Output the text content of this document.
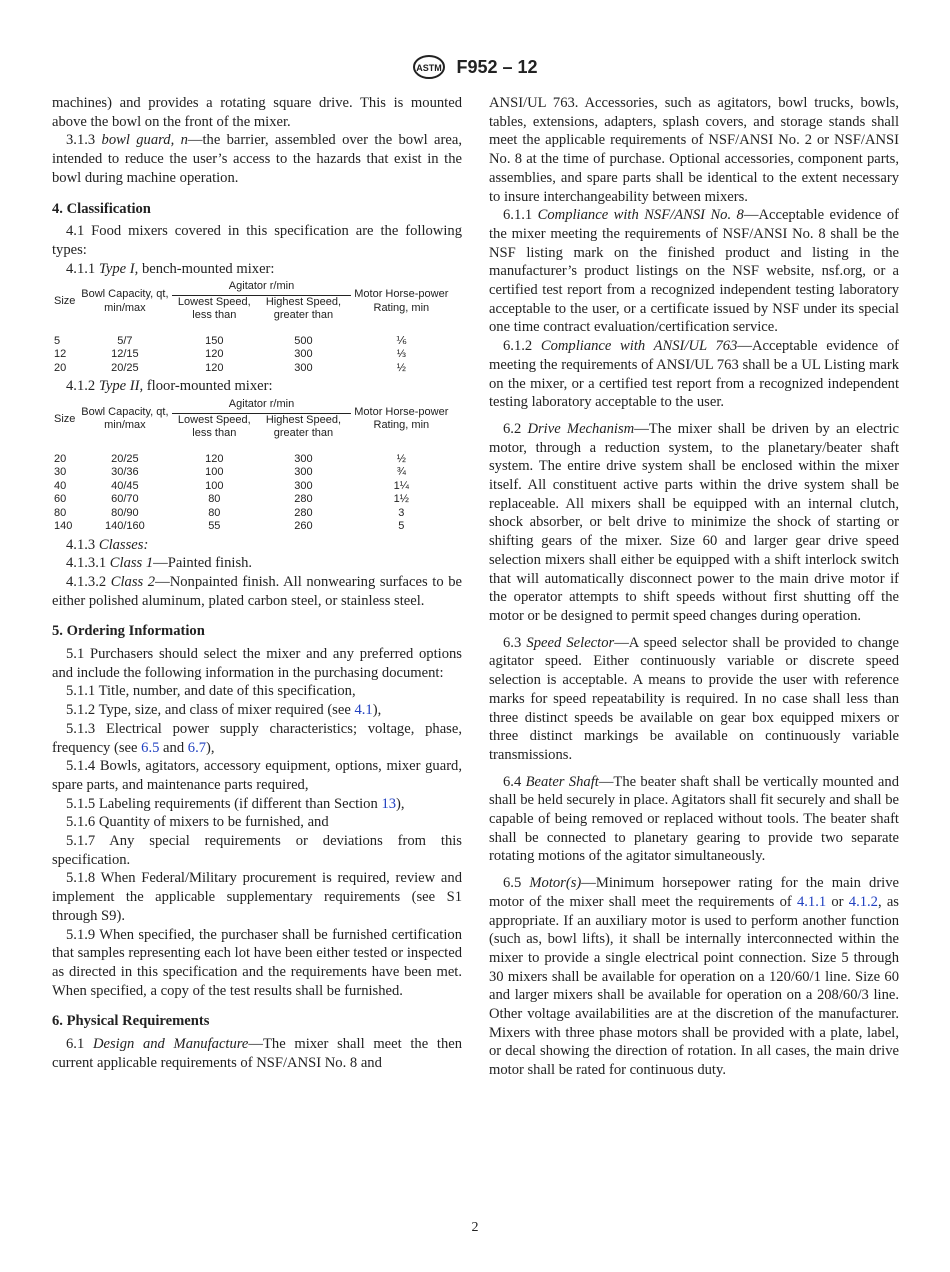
ASTM F952 – 12

machines) and provides a rotating square drive. This is mounted above the bowl on the front of the mixer.

3.1.3 bowl guard, n—the barrier, assembled over the bowl area, intended to reduce the user’s access to the hazards that exist in the bowl during machine operation.

4. Classification

4.1 Food mixers covered in this specification are the following types:

4.1.1 Type I, bench-mounted mixer:

Size	Bowl Capacity, qt, min/max	Agitator r/min		Motor Horse-power Rating, min
		Lowest Speed, less than	Highest Speed, greater than	

5	5/7	150	500	⅙
12	12/15	120	300	⅓
20	20/25	120	300	½

4.1.2 Type II, floor-mounted mixer:

Size	Bowl Capacity, qt, min/max	Agitator r/min		Motor Horse-power Rating, min
		Lowest Speed, less than	Highest Speed, greater than	

20	20/25	120	300	½
30	30/36	100	300	¾
40	40/45	100	300	1¼
60	60/70	80	280	1½
80	80/90	80	280	3
140	140/160	55	260	5

4.1.3 Classes:

4.1.3.1 Class 1—Painted finish.

4.1.3.2 Class 2—Nonpainted finish. All nonwearing surfaces to be either polished aluminum, plated carbon steel, or stainless steel.

5. Ordering Information

5.1 Purchasers should select the mixer and any preferred options and include the following information in the purchasing document:

5.1.1 Title, number, and date of this specification,

5.1.2 Type, size, and class of mixer required (see 4.1),

5.1.3 Electrical power supply characteristics; voltage, phase, frequency (see 6.5 and 6.7),

5.1.4 Bowls, agitators, accessory equipment, options, mixer guard, spare parts, and maintenance parts required,

5.1.5 Labeling requirements (if different than Section 13),

5.1.6 Quantity of mixers to be furnished, and

5.1.7 Any special requirements or deviations from this specification.

5.1.8 When Federal/Military procurement is required, review and implement the applicable supplementary requirements (see S1 through S9).

5.1.9 When specified, the purchaser shall be furnished certification that samples representing each lot have been either tested or inspected as directed in this specification and the requirements have been met. When specified, a copy of the test results shall be furnished.

6. Physical Requirements

6.1 Design and Manufacture—The mixer shall meet the then current applicable requirements of NSF/ANSI No. 8 and

ANSI/UL 763. Accessories, such as agitators, bowl trucks, bowls, tables, extensions, adapters, splash covers, and storage stands shall meet the applicable requirements of NSF/ANSI No. 2 or NSF/ANSI No. 8 at the time of purchase. Optional accessories, component parts, assemblies, and spare parts shall be identical to the extent necessary to insure interchangeability between mixers.

6.1.1 Compliance with NSF/ANSI No. 8—Acceptable evidence of the mixer meeting the requirements of NSF/ANSI No. 8 shall be the NSF listing mark on the finished product and listing in the manufacturer’s product listings on the NSF website, nsf.org, or a certified test report from a recognized independent testing laboratory acceptable to the user, or a certificate issued by NSF under its special one time contract evaluation/certification service.

6.1.2 Compliance with ANSI/UL 763—Acceptable evidence of meeting the requirements of ANSI/UL 763 shall be a UL Listing mark on the mixer, or a certified test report from a recognized independent testing laboratory acceptable to the user.

6.2 Drive Mechanism—The mixer shall be driven by an electric motor, through a reduction system, to the planetary/beater shaft system. The entire drive system shall be enclosed within the mixer itself. All constituent active parts within the drive system shall be replaceable. All mixers shall be equipped with an internal clutch, shock absorber, or belt drive to minimize the shock of starting or shifting gears of the mixer. Size 60 and larger gear drive speed selection mixers shall either be equipped with a shift interlock switch that will automatically disconnect power to the main drive motor if the operator attempts to shift speeds without first shutting off the motor or be designed to permit speed changes during operation.

6.3 Speed Selector—A speed selector shall be provided to change agitator speed. Either continuously variable or discrete speed selection is acceptable. A means to provide the user with reference marks for speed repeatability is required. In no case shall less than three distinct speeds be available on gear box equipped mixers or three distinct markings be available on continuously variable transmissions.

6.4 Beater Shaft—The beater shaft shall be vertically mounted and shall be held securely in place. Agitators shall fit securely and shall be capable of being removed or replaced without tools. The beater shaft shall be connected to planetary gearing to provide two separate rotating motions of the agitator simultaneously.

6.5 Motor(s)—Minimum horsepower rating for the main drive motor of the mixer shall meet the requirements of 4.1.1 or 4.1.2, as appropriate. If an auxiliary motor is used to perform another function (such as, bowl lifts), it shall be internally interconnected within the mixer to provide a single electrical point connection. Size 5 through 30 mixers shall be available for operation on a 120/60/1 line. Size 60 and larger mixers shall be available for operation on a 208/60/3 line. Other voltage availabilities are at the discretion of the manufacturer. Mixers with three phase motors shall be provided with a plate, label, or decal showing the direction of rotation. In all cases, the main drive motor shall be rated for continuous duty.

2
